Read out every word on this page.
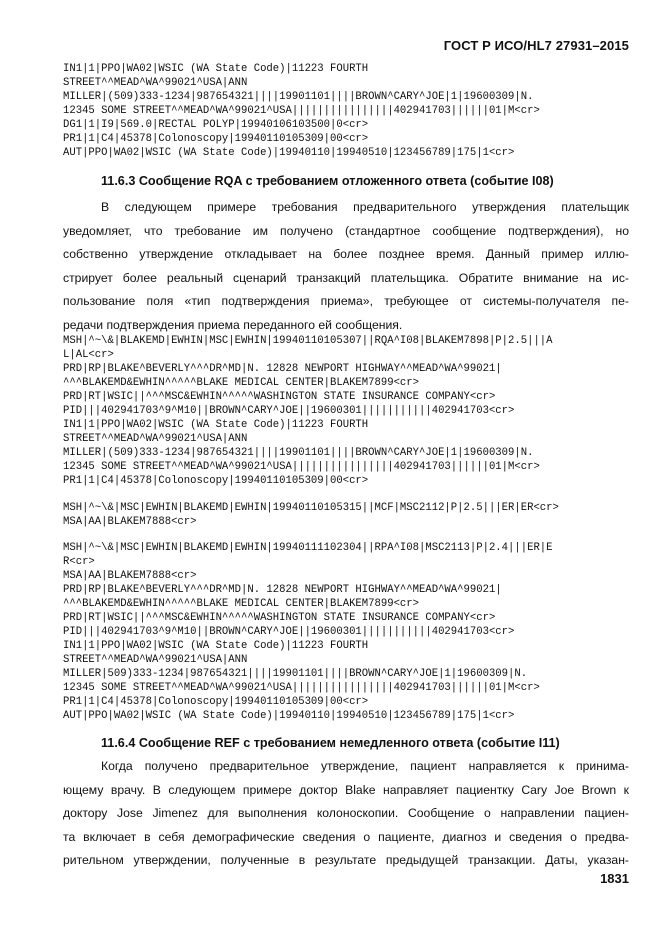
ГОСТ Р ИСО/HL7 27931–2015
IN1|1|PPO|WA02|WSIC (WA State Code)|11223 FOURTH
STREET^^MEAD^WA^99021^USA|ANN
MILLER|(509)333-1234|987654321||||19901101||||BROWN^CARY^JOE|1|19600309|N.
12345 SOME STREET^^MEAD^WA^99021^USA||||||||||||||||402941703||||||01|M<cr>
DG1|1|I9|569.0|RECTAL POLYP|19940106103500|0<cr>
PR1|1|C4|45378|Colonoscopy|19940110105309|00<cr>
AUT|PPO|WA02|WSIC (WA State Code)|19940110|19940510|123456789|175|1<cr>
11.6.3 Сообщение RQA с требованием отложенного ответа (событие I08)
В следующем примере требования предварительного утверждения плательщик
уведомляет, что требование им получено (стандартное сообщение подтверждения), но
собственно утверждение откладывает на более позднее время. Данный пример иллю-
стрирует более реальный сценарий транзакций плательщика. Обратите внимание на ис-
пользование поля «тип подтверждения приема», требующее от системы-получателя пе-
редачи подтверждения приема переданного ей сообщения.
MSH|^~\&|BLAKEMD|EWHIN|MSC|EWHIN|19940110105307||RQA^I08|BLAKEM7898|P|2.5|||A
L|AL<cr>
PRD|RP|BLAKE^BEVERLY^^^DR^MD|N. 12828 NEWPORT HIGHWAY^^MEAD^WA^99021|
^^^BLAKEMD&EWHIN^^^^^BLAKE MEDICAL CENTER|BLAKEM7899<cr>
PRD|RT|WSIC||^^^MSC&EWHIN^^^^^WASHINGTON STATE INSURANCE COMPANY<cr>
PID|||402941703^9^M10||BROWN^CARY^JOE||19600301|||||||||||402941703<cr>
IN1|1|PPO|WA02|WSIC (WA State Code)|11223 FOURTH
STREET^^MEAD^WA^99021^USA|ANN
MILLER|(509)333-1234|987654321||||19901101||||BROWN^CARY^JOE|1|19600309|N.
12345 SOME STREET^^MEAD^WA^99021^USA||||||||||||||||402941703||||||01|M<cr>
PR1|1|C4|45378|Colonoscopy|19940110105309|00<cr>
MSH|^~\&|MSC|EWHIN|BLAKEMD|EWHIN|19940110105315||MCF|MSC2112|P|2.5|||ER|ER<cr>
MSA|AA|BLAKEM7888<cr>
MSH|^~\&|MSC|EWHIN|BLAKEMD|EWHIN|19940111102304||RPA^I08|MSC2113|P|2.4|||ER|E
R<cr>
MSA|AA|BLAKEM7888<cr>
PRD|RP|BLAKE^BEVERLY^^^DR^MD|N. 12828 NEWPORT HIGHWAY^^MEAD^WA^99021|
^^^BLAKEMD&EWHIN^^^^^BLAKE MEDICAL CENTER|BLAKEM7899<cr>
PRD|RT|WSIC||^^^MSC&EWHIN^^^^^WASHINGTON STATE INSURANCE COMPANY<cr>
PID|||402941703^9^M10||BROWN^CARY^JOE||19600301|||||||||||402941703<cr>
IN1|1|PPO|WA02|WSIC (WA State Code)|11223 FOURTH
STREET^^MEAD^WA^99021^USA|ANN
MILLER|509)333-1234|987654321||||19901101||||BROWN^CARY^JOE|1|19600309|N.
12345 SOME STREET^^MEAD^WA^99021^USA||||||||||||||||402941703||||||01|M<cr>
PR1|1|C4|45378|Colonoscopy|19940110105309|00<cr>
AUT|PPO|WA02|WSIC (WA State Code)|19940110|19940510|123456789|175|1<cr>
11.6.4 Сообщение REF с требованием немедленного ответа (событие I11)
Когда получено предварительное утверждение, пациент направляется к принима-
ющему врачу. В следующем примере доктор Blake направляет пациентку Cary Joe Brown к
доктору Jose Jimenez для выполнения колоноскопии. Сообщение о направлении пациен-
та включает в себя демографические сведения о пациенте, диагноз и сведения о предва-
рительном утверждении, полученные в результате предыдущей транзакции. Даты, указан-
1831
